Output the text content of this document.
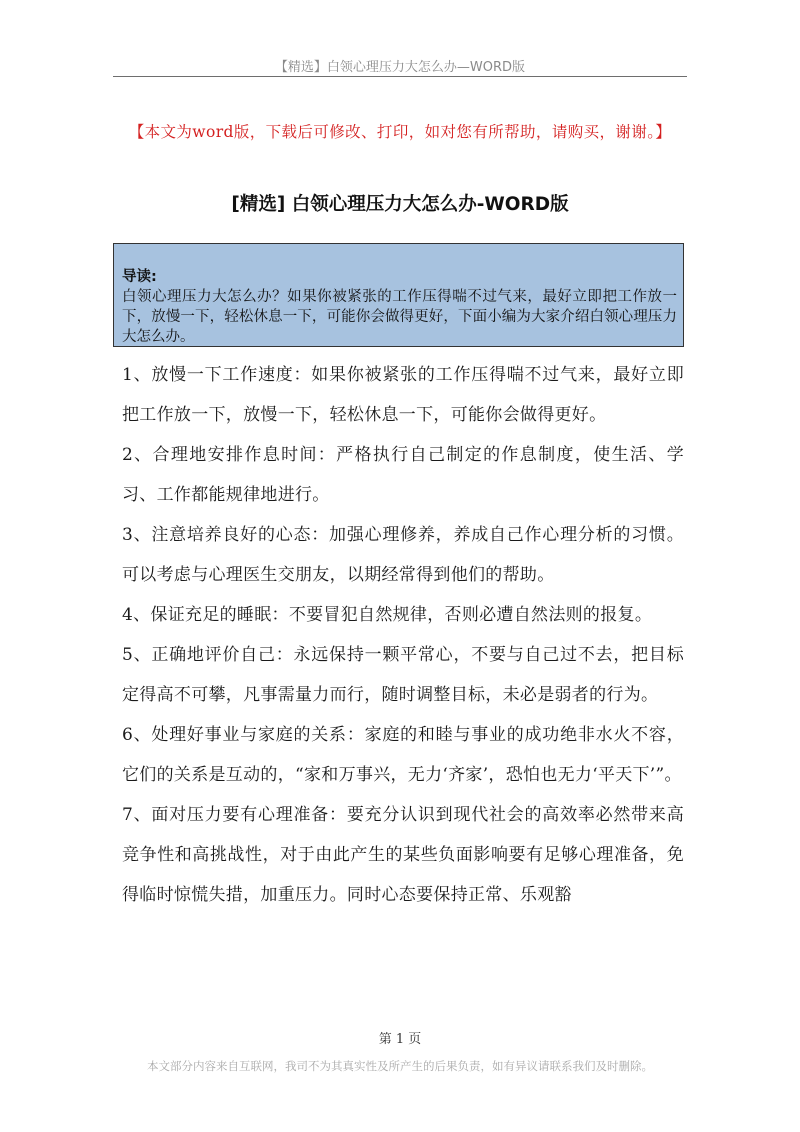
【精选】白领心理压力大怎么办—WORD版
【本文为word版，下载后可修改、打印，如对您有所帮助，请购买，谢谢。】
[精选] 白领心理压力大怎么办-WORD版
导读:
白领心理压力大怎么办？如果你被紧张的工作压得喘不过气来，最好立即把工作放一下，放慢一下，轻松休息一下，可能你会做得更好，下面小编为大家介绍白领心理压力大怎么办。

1、放慢一下工作速度：如果你被紧张的工作压得喘不过气来，最好立即把工作放一下，放慢一下，轻松休息一下，可能你会做得更好。

2、合理地安排作息时间：严格执行自己制定的作息制度，使生活、学习、工作都能规律地进行。

3、注意培养良好的心态：加强心理修养，养成自己作心理分析的习惯。可以考虑与心理医生交朋友，以期经常得到他们的帮助。

4、保证充足的睡眠：不要冒犯自然规律，否则必遭自然法则的报复。

5、正确地评价自己：永远保持一颗平常心，不要与自己过不去，把目标定得高不可攀，凡事需量力而行，随时调整目标，未必是弱者的行为。

6、处理好事业与家庭的关系：家庭的和睦与事业的成功绝非水火不容，它们的关系是互动的，“家和万事兴，无力‘齐家’，恐怕也无力‘平天下’”。

7、面对压力要有心理准备：要充分认识到现代社会的高效率必然带来高竞争性和高挑战性，对于由此产生的某些负面影响要有足够心理准备，免得临时惊慌失措，加重压力。同时心态要保持正常、乐观豁

第 1 页
本文部分内容来自互联网，我司不为其真实性及所产生的后果负责，如有异议请联系我们及时删除。
